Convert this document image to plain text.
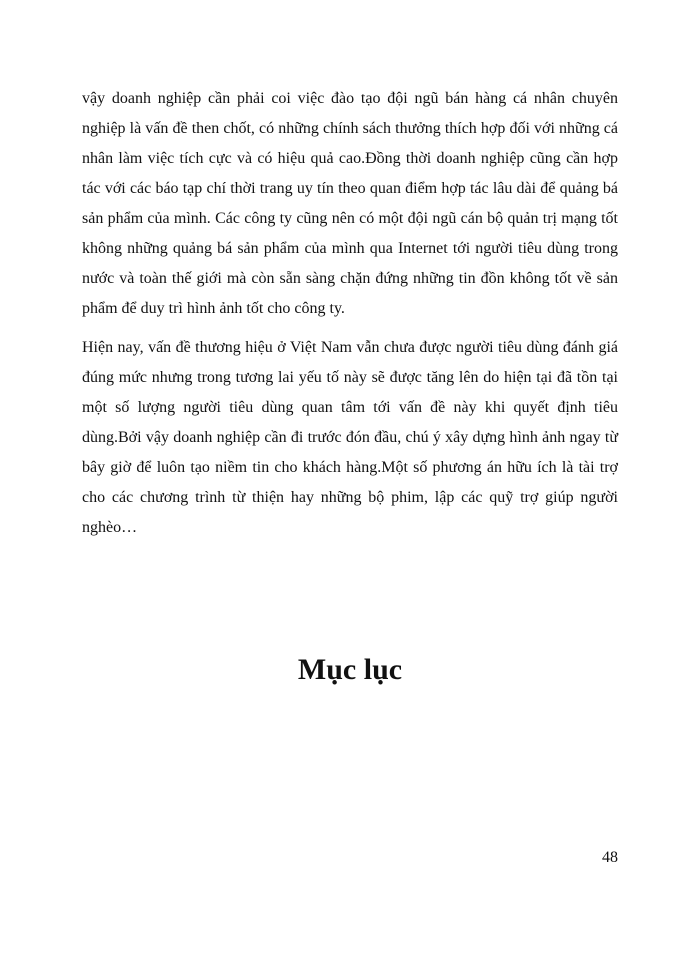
vậy doanh nghiệp cần phải coi việc đào tạo đội ngũ bán hàng cá nhân chuyên nghiệp là vấn đề then chốt, có những chính sách thưởng thích hợp đối với những cá nhân làm việc tích cực và có hiệu quả cao.Đồng thời doanh nghiệp cũng cần hợp tác với các báo tạp chí thời trang uy tín theo quan điểm hợp tác lâu dài để quảng bá sản phẩm của mình. Các công ty cũng nên có một đội ngũ cán bộ quản trị mạng tốt không những quảng bá sản phẩm của mình qua Internet tới người tiêu dùng trong nước và toàn thế giới mà còn sẵn sàng chặn đứng những tin đồn không tốt về sản phẩm để duy trì hình ảnh tốt cho công ty.

Hiện nay, vấn đề thương hiệu ở Việt Nam vẫn chưa được người tiêu dùng đánh giá đúng mức nhưng trong tương lai yếu tố này sẽ được tăng lên do hiện tại đã tồn tại một số lượng người tiêu dùng quan tâm tới vấn đề này khi quyết định tiêu dùng.Bởi vậy doanh nghiệp cần đi trước đón đầu, chú ý xây dựng hình ảnh ngay từ bây giờ để luôn tạo niềm tin cho khách hàng.Một số phương án hữu ích là tài trợ cho các chương trình từ thiện hay những bộ phim, lập các quỹ trợ giúp người nghèo…

Mục lục
48
